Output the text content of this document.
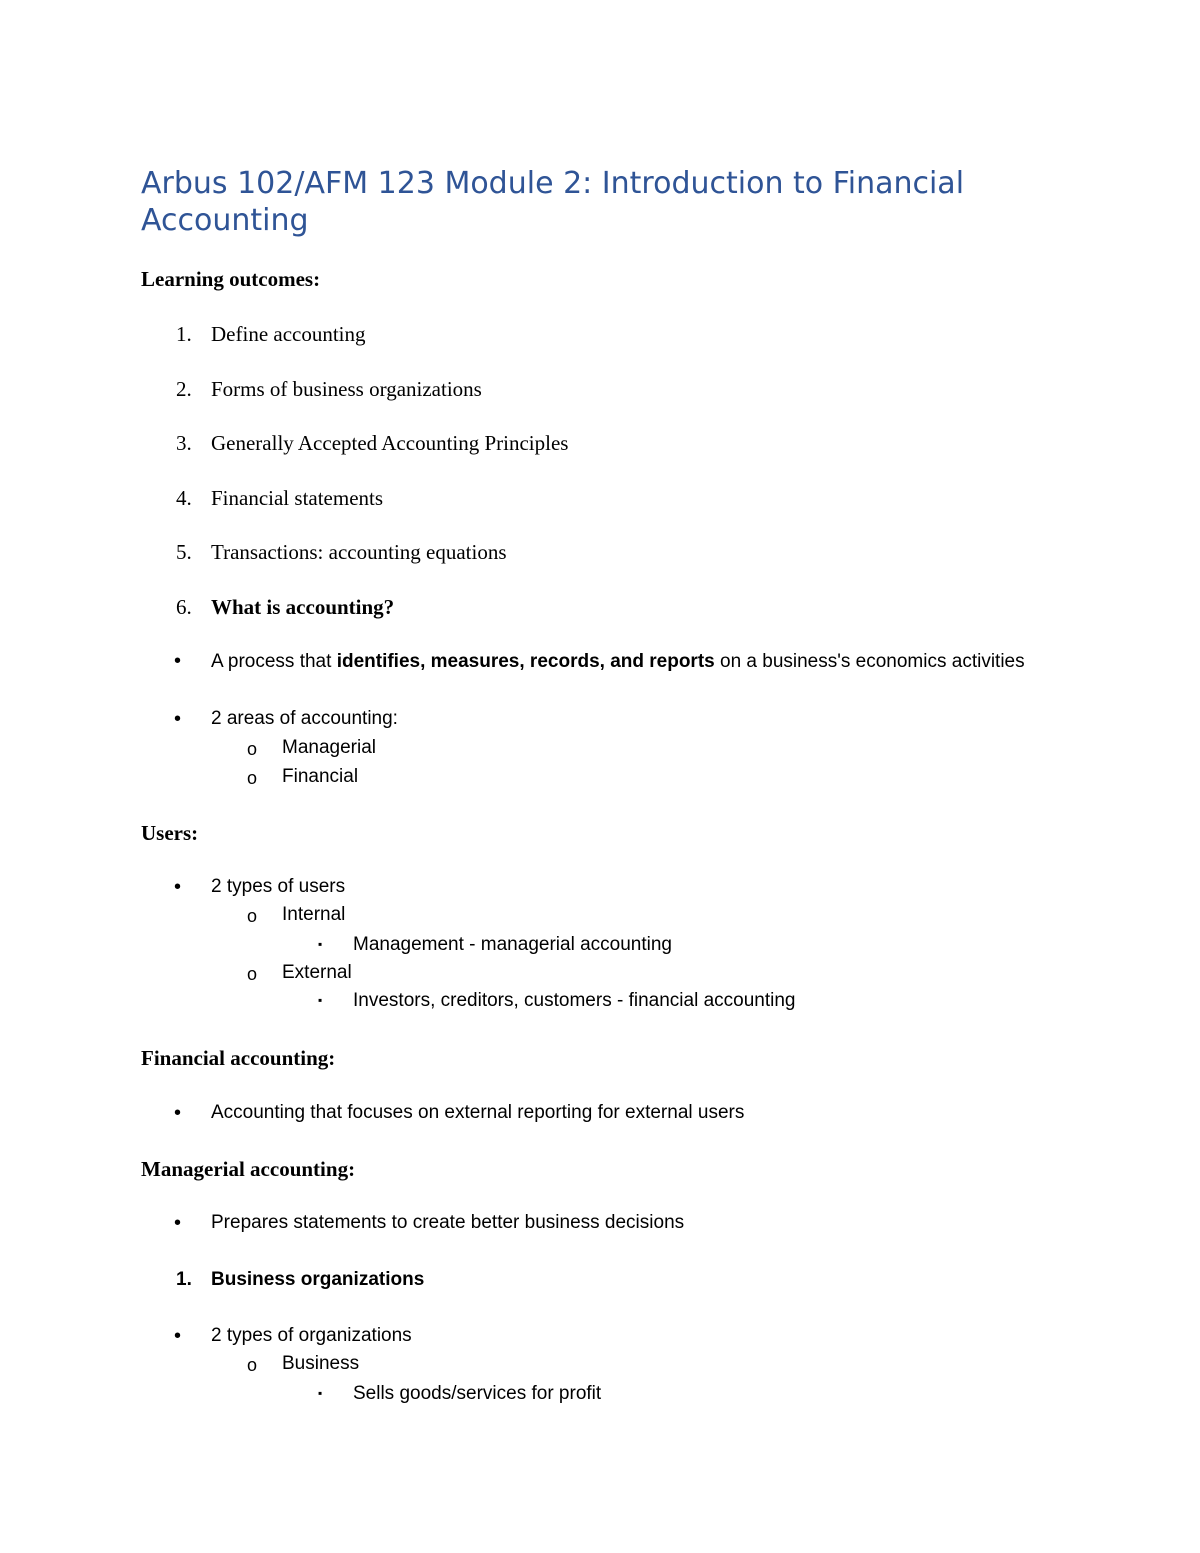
Arbus 102/AFM 123 Module 2: Introduction to Financial Accounting
Learning outcomes:
1. Define accounting
2. Forms of business organizations
3. Generally Accepted Accounting Principles
4. Financial statements
5. Transactions: accounting equations
6. What is accounting?
• A process that identifies, measures, records, and reports on a business's economics activities
• 2 areas of accounting:
o Managerial
o Financial
Users:
• 2 types of users
o Internal
▪ Management - managerial accounting
o External
▪ Investors, creditors, customers - financial accounting
Financial accounting:
• Accounting that focuses on external reporting for external users
Managerial accounting:
• Prepares statements to create better business decisions
1. Business organizations
• 2 types of organizations
o Business
▪ Sells goods/services for profit
